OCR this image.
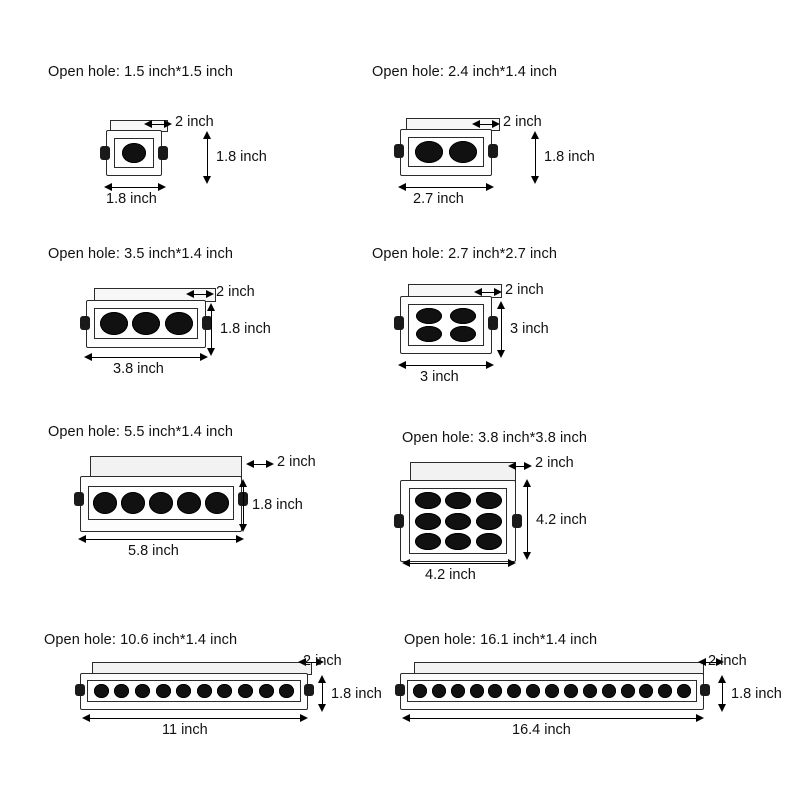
Open hole: 1.5 inch*1.5 inch
2 inch
1.8 inch
1.8 inch
Open hole: 2.4 inch*1.4 inch
2 inch
1.8 inch
2.7 inch
Open hole: 3.5 inch*1.4 inch
2 inch
1.8 inch
3.8 inch
Open hole: 2.7 inch*2.7 inch
2 inch
3 inch
3 inch
Open hole: 5.5 inch*1.4 inch
2 inch
1.8 inch
5.8 inch
Open hole: 3.8 inch*3.8 inch
2 inch
4.2 inch
4.2 inch
Open hole: 10.6 inch*1.4 inch
2 inch
1.8 inch
11 inch
Open hole: 16.1 inch*1.4 inch
2 inch
1.8 inch
16.4 inch
